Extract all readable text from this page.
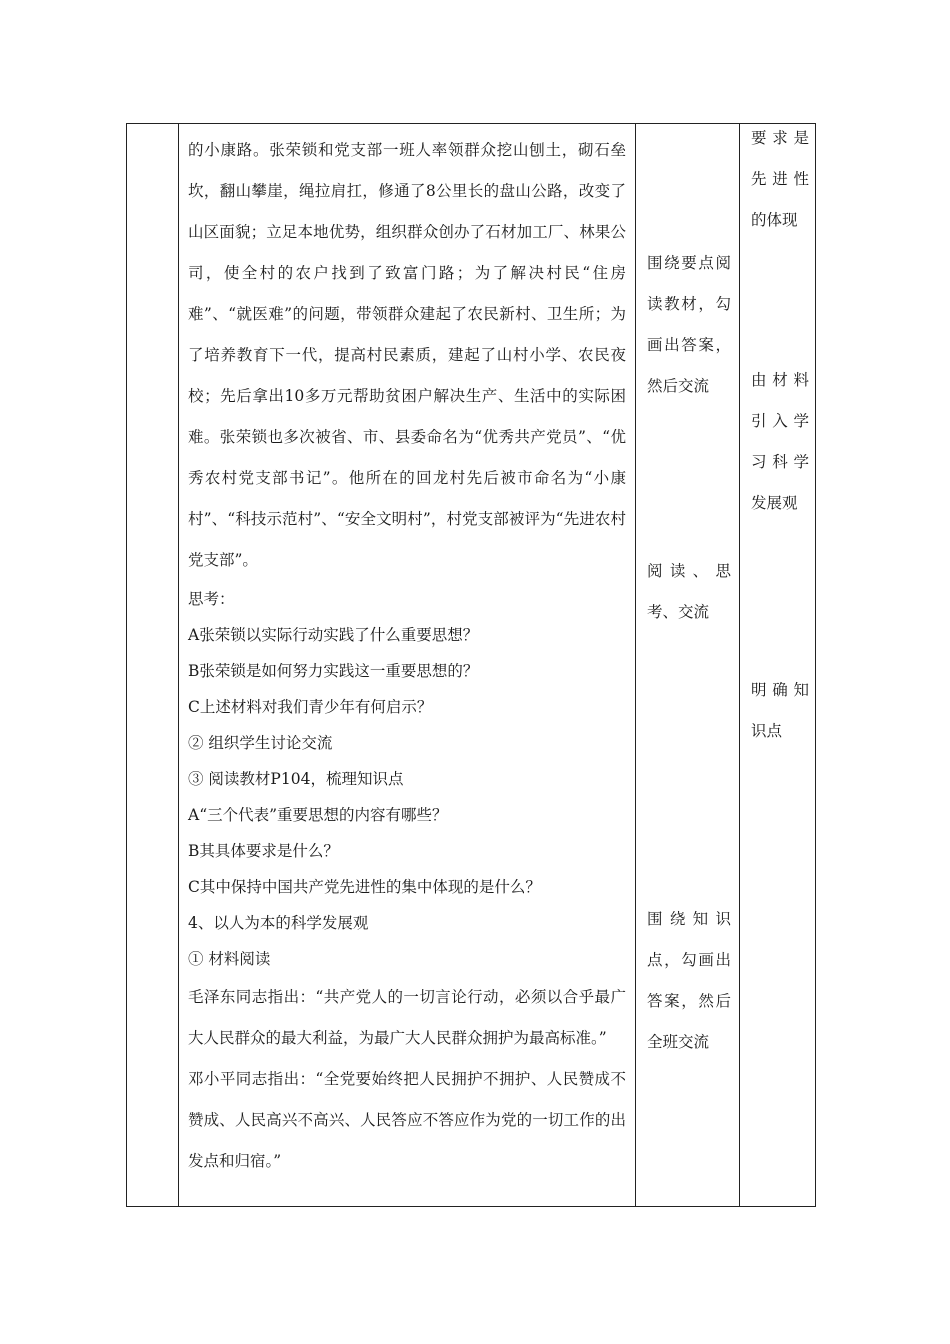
的小康路。张荣锁和党支部一班人率领群众挖山刨土，砌石垒坎，翻山攀崖，绳拉肩扛，修通了8公里长的盘山公路，改变了山区面貌；立足本地优势，组织群众创办了石材加工厂、林果公司，使全村的农户找到了致富门路；为了解决村民“住房难”、“就医难”的问题，带领群众建起了农民新村、卫生所；为了培养教育下一代，提高村民素质，建起了山村小学、农民夜校；先后拿出10多万元帮助贫困户解决生产、生活中的实际困难。张荣锁也多次被省、市、县委命名为“优秀共产党员”、“优秀农村党支部书记”。他所在的回龙村先后被市命名为“小康村”、“科技示范村”、“安全文明村”，村党支部被评为“先进农村党支部”。

思考：

A张荣锁以实际行动实践了什么重要思想？

B张荣锁是如何努力实践这一重要思想的？

C上述材料对我们青少年有何启示？

② 组织学生讨论交流

③ 阅读教材P104，梳理知识点

A“三个代表”重要思想的内容有哪些？

B其具体要求是什么？

C其中保持中国共产党先进性的集中体现的是什么？

4、以人为本的科学发展观

① 材料阅读

毛泽东同志指出：“共产党人的一切言论行动，必须以合乎最广大人民群众的最大利益，为最广大人民群众拥护为最高标准。”

邓小平同志指出：“全党要始终把人民拥护不拥护、人民赞成不赞成、人民高兴不高兴、人民答应不答应作为党的一切工作的出发点和归宿。”

围绕要点阅读教材，勾画出答案，然后交流
阅读、思考、交流
围绕知识点，勾画出答案，然后全班交流
要求是先进性的体现
由材料引入学习科学发展观
明确知识点
